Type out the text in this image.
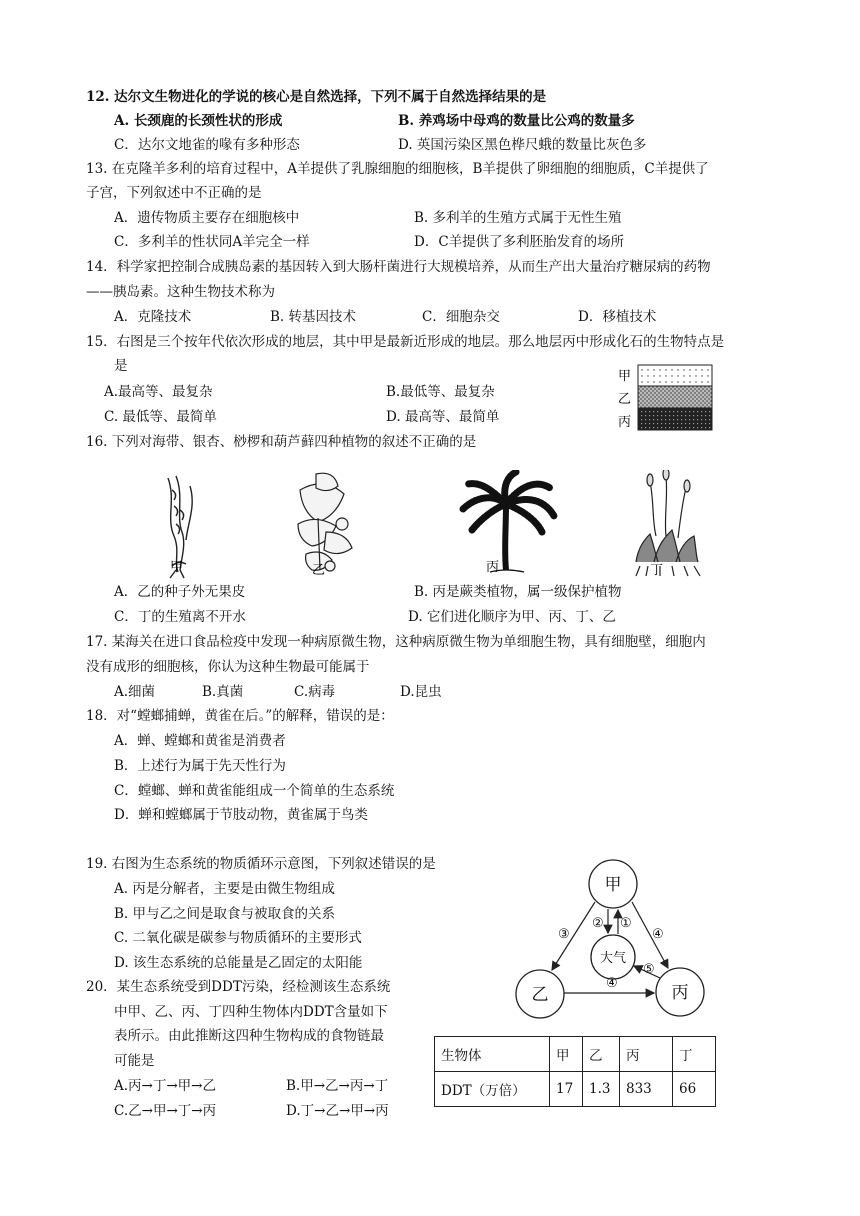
12. 达尔文生物进化的学说的核心是自然选择，下列不属于自然选择结果的是
A. 长颈鹿的长颈性状的形成	B. 养鸡场中母鸡的数量比公鸡的数量多
C．达尔文地雀的喙有多种形态	D. 英国污染区黑色桦尺蛾的数量比灰色多
13. 在克隆羊多利的培育过程中，A羊提供了乳腺细胞的细胞核，B羊提供了卵细胞的细胞质，C羊提供了
子宫，下列叙述中不正确的是
A．遗传物质主要存在细胞核中	B. 多利羊的生殖方式属于无性生殖
C．多利羊的性状同A羊完全一样	D．C羊提供了多利胚胎发育的场所
14．科学家把控制合成胰岛素的基因转入到大肠杆菌进行大规模培养，从而生产出大量治疗糖尿病的药物
——胰岛素。这种生物技术称为
A．克隆技术	B. 转基因技术	C．细胞杂交	D．移植技术
15．右图是三个按年代依次形成的地层，其中甲是最新近形成的地层。那么地层丙中形成化石的生物特点是
是
A.最高等、最复杂	B.最低等、最复杂
C. 最低等、最简单	D. 最高等、最简单
甲
乙
丙
16. 下列对海带、银杏、桫椤和葫芦藓四种植物的叙述不正确的是
甲	乙	丙	丁
A．乙的种子外无果皮	B. 丙是蕨类植物，属一级保护植物
C．丁的生殖离不开水	D. 它们进化顺序为甲、丙、丁、乙
17. 某海关在进口食品检疫中发现一种病原微生物，这种病原微生物为单细胞生物，具有细胞壁，细胞内
没有成形的细胞核，你认为这种生物最可能属于
A.细菌	B.真菌	C.病毒	D.昆虫
18．对“螳螂捕蝉，黄雀在后。”的解释，错误的是：
A．蝉、螳螂和黄雀是消费者
B．上述行为属于先天性行为
C．螳螂、蝉和黄雀能组成一个简单的生态系统
D．蝉和螳螂属于节肢动物，黄雀属于鸟类
19. 右图为生态系统的物质循环示意图，下列叙述错误的是
A. 丙是分解者，主要是由微生物组成
B. 甲与乙之间是取食与被取食的关系
C. 二氧化碳是碳参与物质循环的主要形式
D. 该生态系统的总能量是乙固定的太阳能
甲
乙	丙
大气
③
② ①
④
⑤
④
20．某生态系统受到DDT污染，经检测该生态系统
中甲、乙、丙、丁四种生物体内DDT含量如下
表所示。由此推断这四种生物构成的食物链最
可能是
A.丙→丁→甲→乙	B.甲→乙→丙→丁
C.乙→甲→丁→丙	D.丁→乙→甲→丙
生物体	甲	乙	丙	丁
DDT（万倍）	17	1.3	833	66
